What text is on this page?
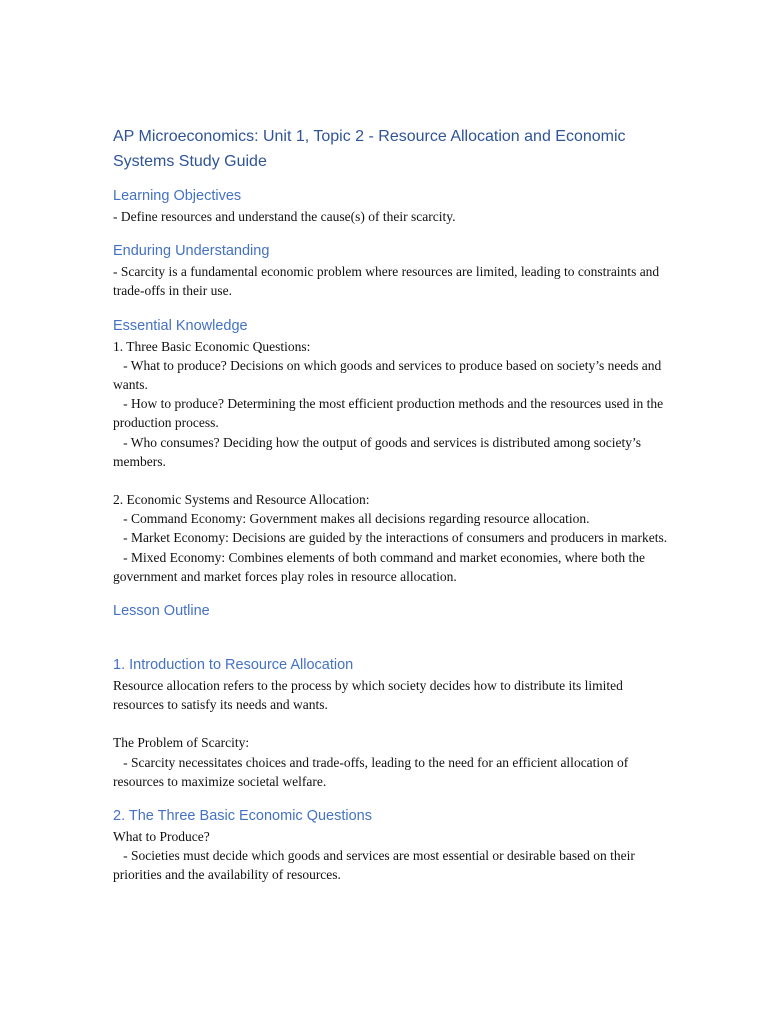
AP Microeconomics: Unit 1, Topic 2 - Resource Allocation and Economic Systems Study Guide
Learning Objectives

- Define resources and understand the cause(s) of their scarcity.

Enduring Understanding

- Scarcity is a fundamental economic problem where resources are limited, leading to constraints and trade-offs in their use.

Essential Knowledge

1. Three Basic Economic Questions:
- What to produce? Decisions on which goods and services to produce based on society’s needs and wants.
- How to produce? Determining the most efficient production methods and the resources used in the production process.
- Who consumes? Deciding how the output of goods and services is distributed among society’s members.

2. Economic Systems and Resource Allocation:
- Command Economy: Government makes all decisions regarding resource allocation.
- Market Economy: Decisions are guided by the interactions of consumers and producers in markets.
- Mixed Economy: Combines elements of both command and market economies, where both the government and market forces play roles in resource allocation.

Lesson Outline
1. Introduction to Resource Allocation

Resource allocation refers to the process by which society decides how to distribute its limited resources to satisfy its needs and wants.

The Problem of Scarcity:
- Scarcity necessitates choices and trade-offs, leading to the need for an efficient allocation of resources to maximize societal welfare.

2. The Three Basic Economic Questions

What to Produce?
- Societies must decide which goods and services are most essential or desirable based on their priorities and the availability of resources.
